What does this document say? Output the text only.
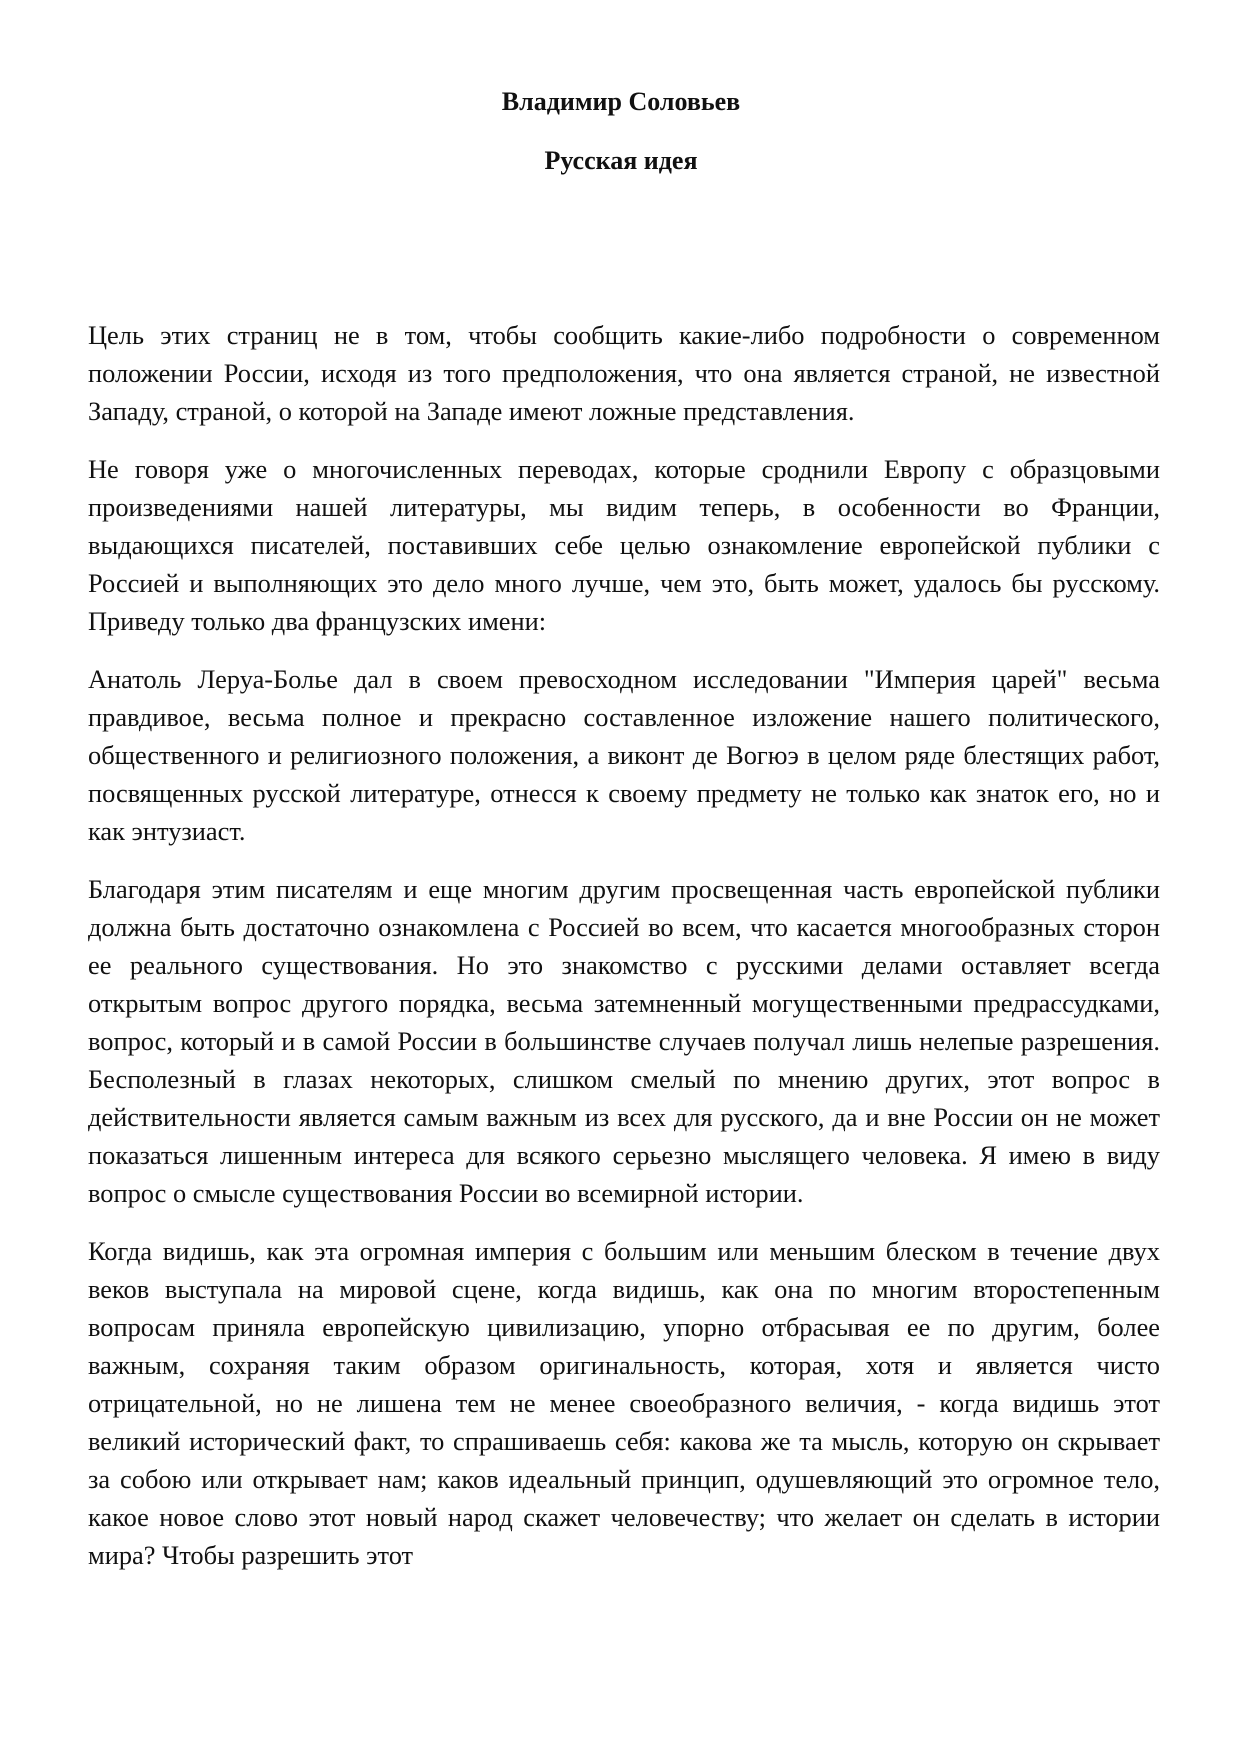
Владимир Соловьев
Русская идея

Цель этих страниц не в том, чтобы сообщить какие-либо подробности о современном положении России, исходя из того предположения, что она является страной, не известной Западу, страной, о которой на Западе имеют ложные представления.

Не говоря уже о многочисленных переводах, которые сроднили Европу с образцовыми произведениями нашей литературы, мы видим теперь, в особенности во Франции, выдающихся писателей, поставивших себе целью ознакомление европейской публики с Россией и выполняющих это дело много лучше, чем это, быть может, удалось бы русскому. Приведу только два французских имени:

Анатоль Леруа-Болье дал в своем превосходном исследовании "Империя царей" весьма правдивое, весьма полное и прекрасно составленное изложение нашего политического, общественного и религиозного положения, а виконт де Вогюэ в целом ряде блестящих работ, посвященных русской литературе, отнесся к своему предмету не только как знаток его, но и как энтузиаст.

Благодаря этим писателям и еще многим другим просвещенная часть европейской публики должна быть достаточно ознакомлена с Россией во всем, что касается многообразных сторон ее реального существования. Но это знакомство с русскими делами оставляет всегда открытым вопрос другого порядка, весьма затемненный могущественными предрассудками, вопрос, который и в самой России в большинстве случаев получал лишь нелепые разрешения. Бесполезный в глазах некоторых, слишком смелый по мнению других, этот вопрос в действительности является самым важным из всех для русского, да и вне России он не может показаться лишенным интереса для всякого серьезно мыслящего человека. Я имею в виду вопрос о смысле существования России во всемирной истории.

Когда видишь, как эта огромная империя с большим или меньшим блеском в течение двух веков выступала на мировой сцене, когда видишь, как она по многим второстепенным вопросам приняла европейскую цивилизацию, упорно отбрасывая ее по другим, более важным, сохраняя таким образом оригинальность, которая, хотя и является чисто отрицательной, но не лишена тем не менее своеобразного величия, - когда видишь этот великий исторический факт, то спрашиваешь себя: какова же та мысль, которую он скрывает за собою или открывает нам; каков идеальный принцип, одушевляющий это огромное тело, какое новое слово этот новый народ скажет человечеству; что желает он сделать в истории мира? Чтобы разрешить этот
